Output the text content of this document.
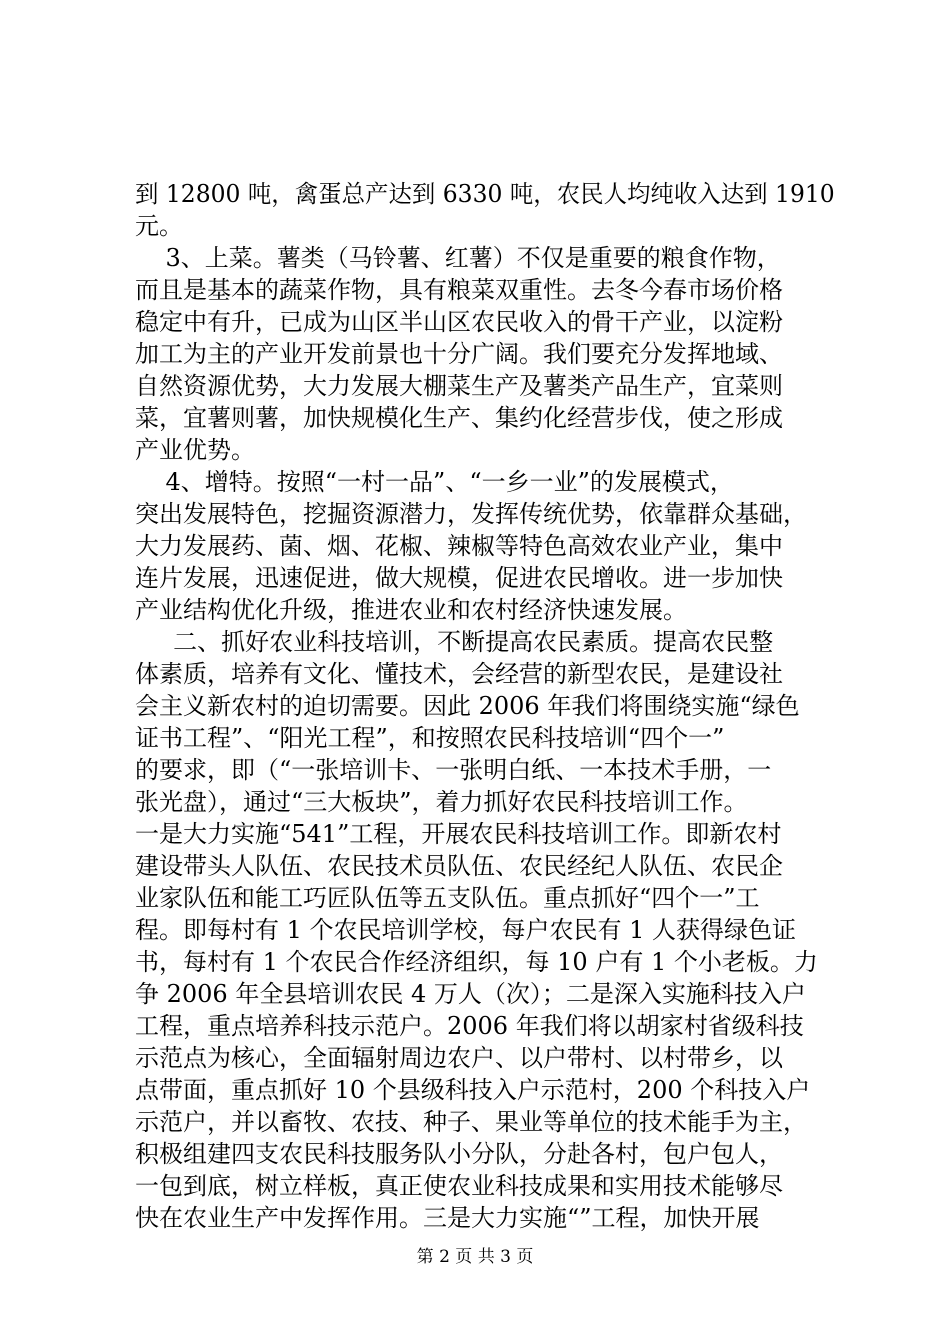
到 12800 吨，禽蛋总产达到 6330 吨，农民人均纯收入达到 1910
元。
3、上菜。薯类（马铃薯、红薯）不仅是重要的粮食作物，
而且是基本的蔬菜作物，具有粮菜双重性。去冬今春市场价格
稳定中有升，已成为山区半山区农民收入的骨干产业，以淀粉
加工为主的产业开发前景也十分广阔。我们要充分发挥地域、
自然资源优势，大力发展大棚菜生产及薯类产品生产，宜菜则
菜，宜薯则薯，加快规模化生产、集约化经营步伐，使之形成
产业优势。
4、增特。按照“一村一品”、“一乡一业”的发展模式，
突出发展特色，挖掘资源潜力，发挥传统优势，依靠群众基础，
大力发展药、菌、烟、花椒、辣椒等特色高效农业产业，集中
连片发展，迅速促进，做大规模，促进农民增收。进一步加快
产业结构优化升级，推进农业和农村经济快速发展。
二、抓好农业科技培训，不断提高农民素质。提高农民整
体素质，培养有文化、懂技术，会经营的新型农民，是建设社
会主义新农村的迫切需要。因此 2006 年我们将围绕实施“绿色
证书工程”、“阳光工程”，和按照农民科技培训“四个一”
的要求，即（“一张培训卡、一张明白纸、一本技术手册，一
张光盘），通过“三大板块”，着力抓好农民科技培训工作。
一是大力实施“541”工程，开展农民科技培训工作。即新农村
建设带头人队伍、农民技术员队伍、农民经纪人队伍、农民企
业家队伍和能工巧匠队伍等五支队伍。重点抓好“四个一”工
程。即每村有 1 个农民培训学校，每户农民有 1 人获得绿色证
书，每村有 1 个农民合作经济组织，每 10 户有 1 个小老板。力
争 2006 年全县培训农民 4 万人（次）；二是深入实施科技入户
工程，重点培养科技示范户。2006 年我们将以胡家村省级科技
示范点为核心，全面辐射周边农户、以户带村、以村带乡，以
点带面，重点抓好 10 个县级科技入户示范村，200 个科技入户
示范户，并以畜牧、农技、种子、果业等单位的技术能手为主，
积极组建四支农民科技服务队小分队，分赴各村，包户包人，
一包到底，树立样板，真正使农业科技成果和实用技术能够尽
快在农业生产中发挥作用。三是大力实施“”工程，加快开展
第 2 页 共 3 页
